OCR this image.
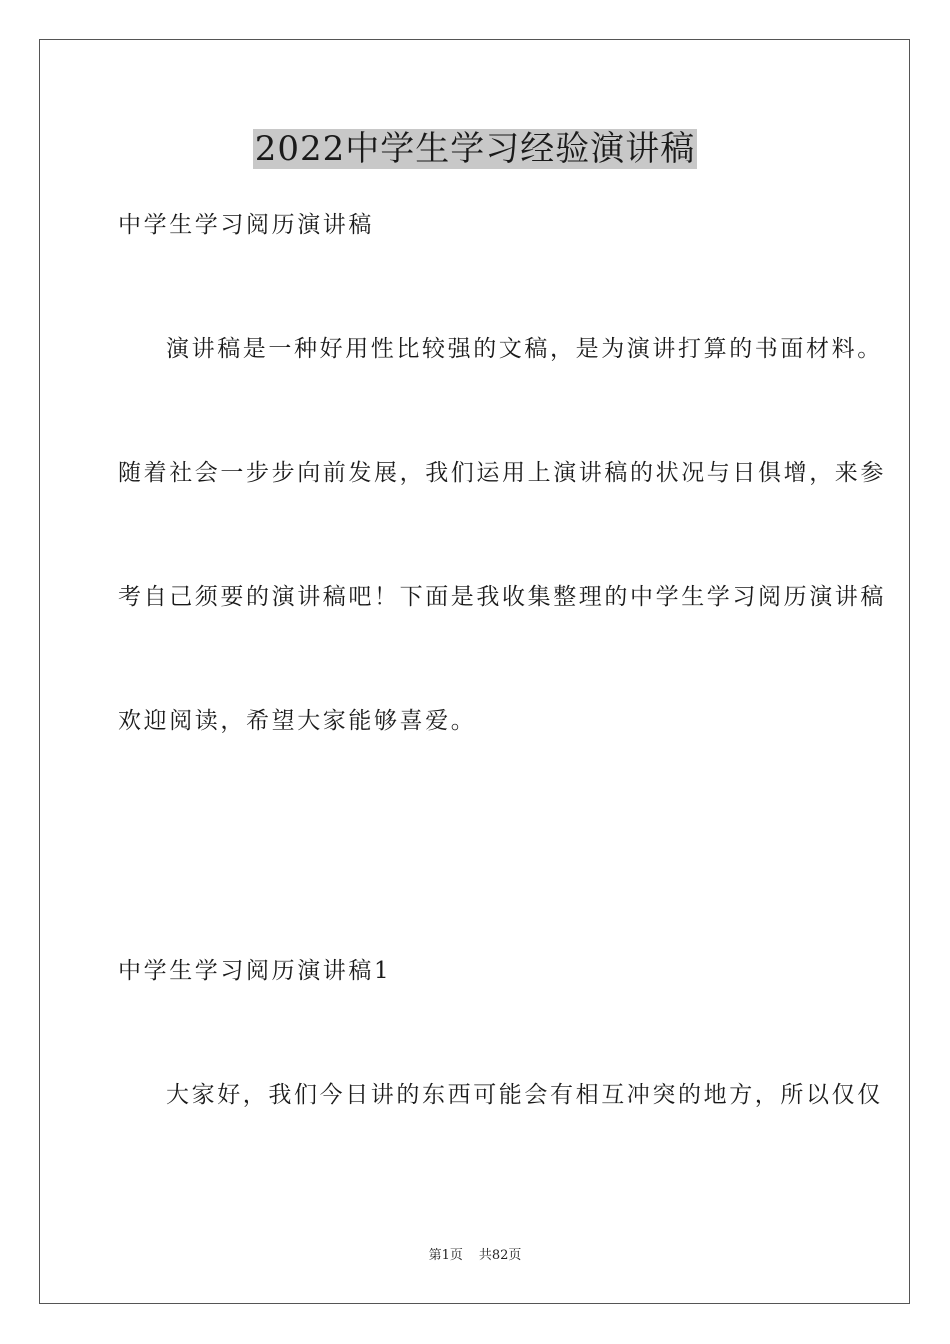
2022中学生学习经验演讲稿
中学生学习阅历演讲稿
演讲稿是一种好用性比较强的文稿，是为演讲打算的书面材料。
随着社会一步步向前发展，我们运用上演讲稿的状况与日俱增，来参
考自己须要的演讲稿吧！下面是我收集整理的中学生学习阅历演讲稿
欢迎阅读，希望大家能够喜爱。
中学生学习阅历演讲稿1
大家好，我们今日讲的东西可能会有相互冲突的地方，所以仅仅
第1页 共82页
